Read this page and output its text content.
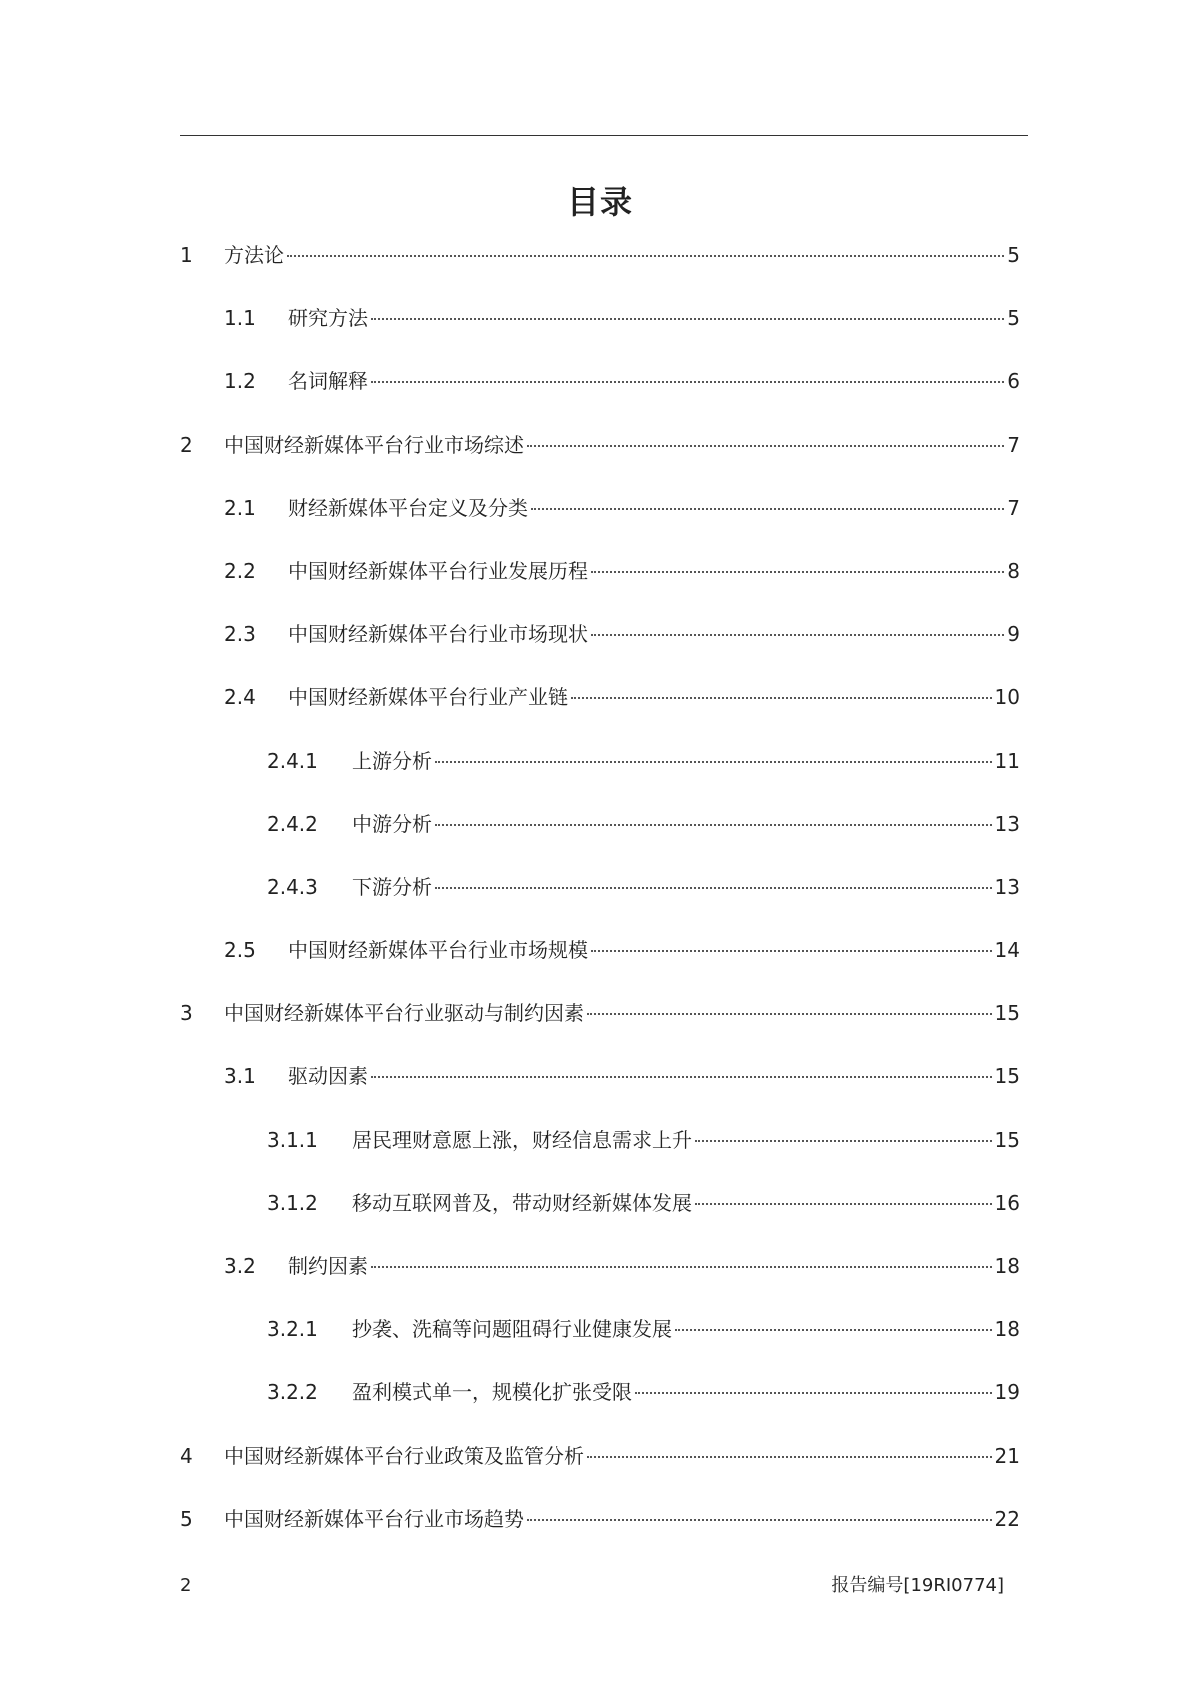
目录
1	方法论	5
1.1	研究方法	5
1.2	名词解释	6
2	中国财经新媒体平台行业市场综述	7
2.1	财经新媒体平台定义及分类	7
2.2	中国财经新媒体平台行业发展历程	8
2.3	中国财经新媒体平台行业市场现状	9
2.4	中国财经新媒体平台行业产业链	10
2.4.1	上游分析	11
2.4.2	中游分析	13
2.4.3	下游分析	13
2.5	中国财经新媒体平台行业市场规模	14
3	中国财经新媒体平台行业驱动与制约因素	15
3.1	驱动因素	15
3.1.1	居民理财意愿上涨，财经信息需求上升	15
3.1.2	移动互联网普及，带动财经新媒体发展	16
3.2	制约因素	18
3.2.1	抄袭、洗稿等问题阻碍行业健康发展	18
3.2.2	盈利模式单一，规模化扩张受限	19
4	中国财经新媒体平台行业政策及监管分析	21
5	中国财经新媒体平台行业市场趋势	22
2	报告编号[19RI0774]
